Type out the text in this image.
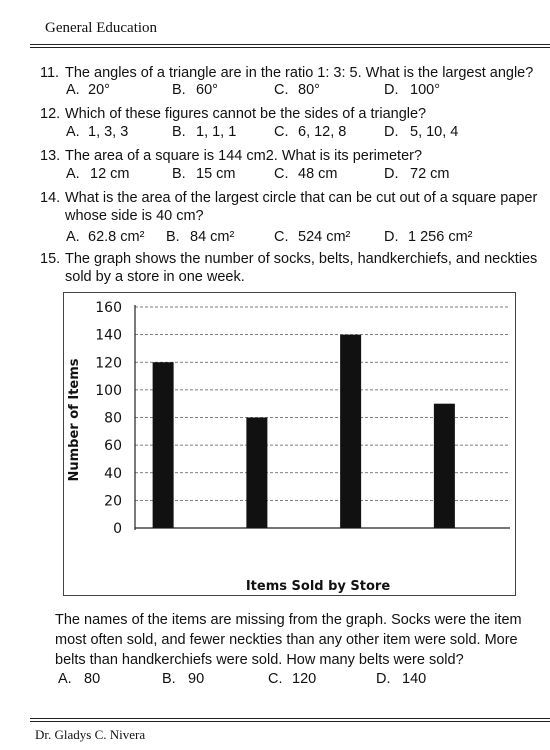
General Education
11. The angles of a triangle are in the ratio 1: 3: 5. What is the largest angle?
A. 20°	B. 60°	C. 80°	D. 100°
12. Which of these figures cannot be the sides of a triangle?
A. 1, 3, 3	B. 1, 1, 1	C. 6, 12, 8	D. 5, 10, 4
13. The area of a square is 144 cm2. What is its perimeter?
A. 12 cm	B. 15 cm	C. 48 cm	D. 72 cm
14. What is the area of the largest circle that can be cut out of a square paper
whose side is 40 cm?
A. 62.8 cm² B. 84 cm²	C. 524 cm² D. 1 256 cm²
15. The graph shows the number of socks, belts, handkerchiefs, and neckties
sold by a store in one week.
0
20
40
60
80
100
120
140
160
Number of Items
Items Sold by Store
The names of the items are missing from the graph. Socks were the item most often sold, and fewer neckties than any other item were sold. More belts than handkerchiefs were sold. How many belts were sold?
A. 80	B. 90	C. 120	D. 140
Dr. Gladys C. Nivera
